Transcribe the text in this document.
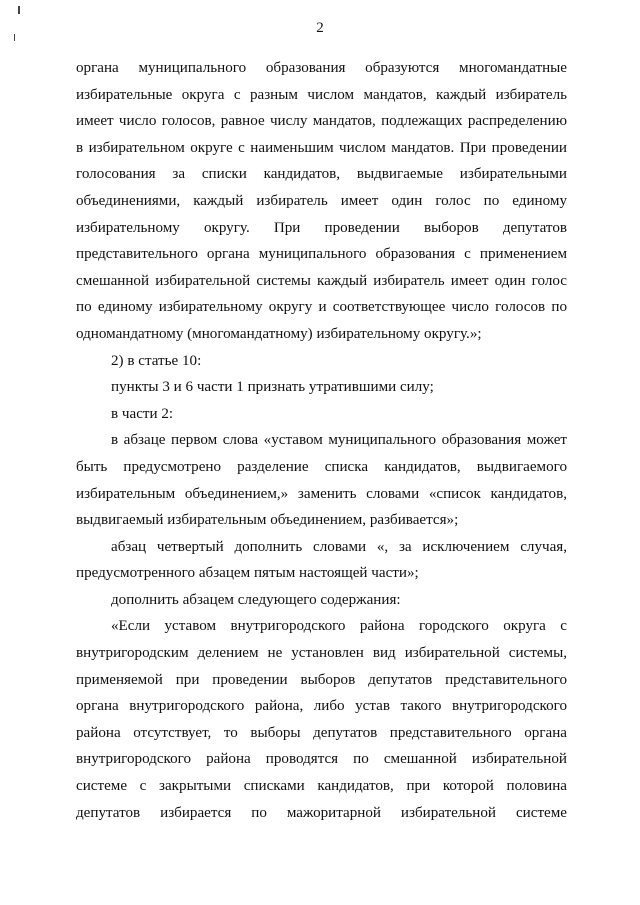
2

органа муниципального образования образуются многомандатные

избирательные округа с разным числом мандатов, каждый избиратель

имеет число голосов, равное числу мандатов, подлежащих распределению

в избирательном округе с наименьшим числом мандатов. При проведении

голосования за списки кандидатов, выдвигаемые избирательными

объединениями, каждый избиратель имеет один голос по единому

избирательному округу. При проведении выборов депутатов

представительного органа муниципального образования с применением

смешанной избирательной системы каждый избиратель имеет один голос

по единому избирательному округу и соответствующее число голосов по

одномандатному (многомандатному) избирательному округу.»;

2) в статье 10:

пункты 3 и 6 части 1 признать утратившими силу;

в части 2:

в абзаце первом слова «уставом муниципального образования может

быть предусмотрено разделение списка кандидатов, выдвигаемого

избирательным объединением,» заменить словами «список кандидатов,

выдвигаемый избирательным объединением, разбивается»;

абзац четвертый дополнить словами «, за исключением случая,

предусмотренного абзацем пятым настоящей части»;

дополнить абзацем следующего содержания:

«Если уставом внутригородского района городского округа с

внутригородским делением не установлен вид избирательной системы,

применяемой при проведении выборов депутатов представительного

органа внутригородского района, либо устав такого внутригородского

района отсутствует, то выборы депутатов представительного органа

внутригородского района проводятся по смешанной избирательной

системе с закрытыми списками кандидатов, при которой половина

депутатов избирается по мажоритарной избирательной системе
